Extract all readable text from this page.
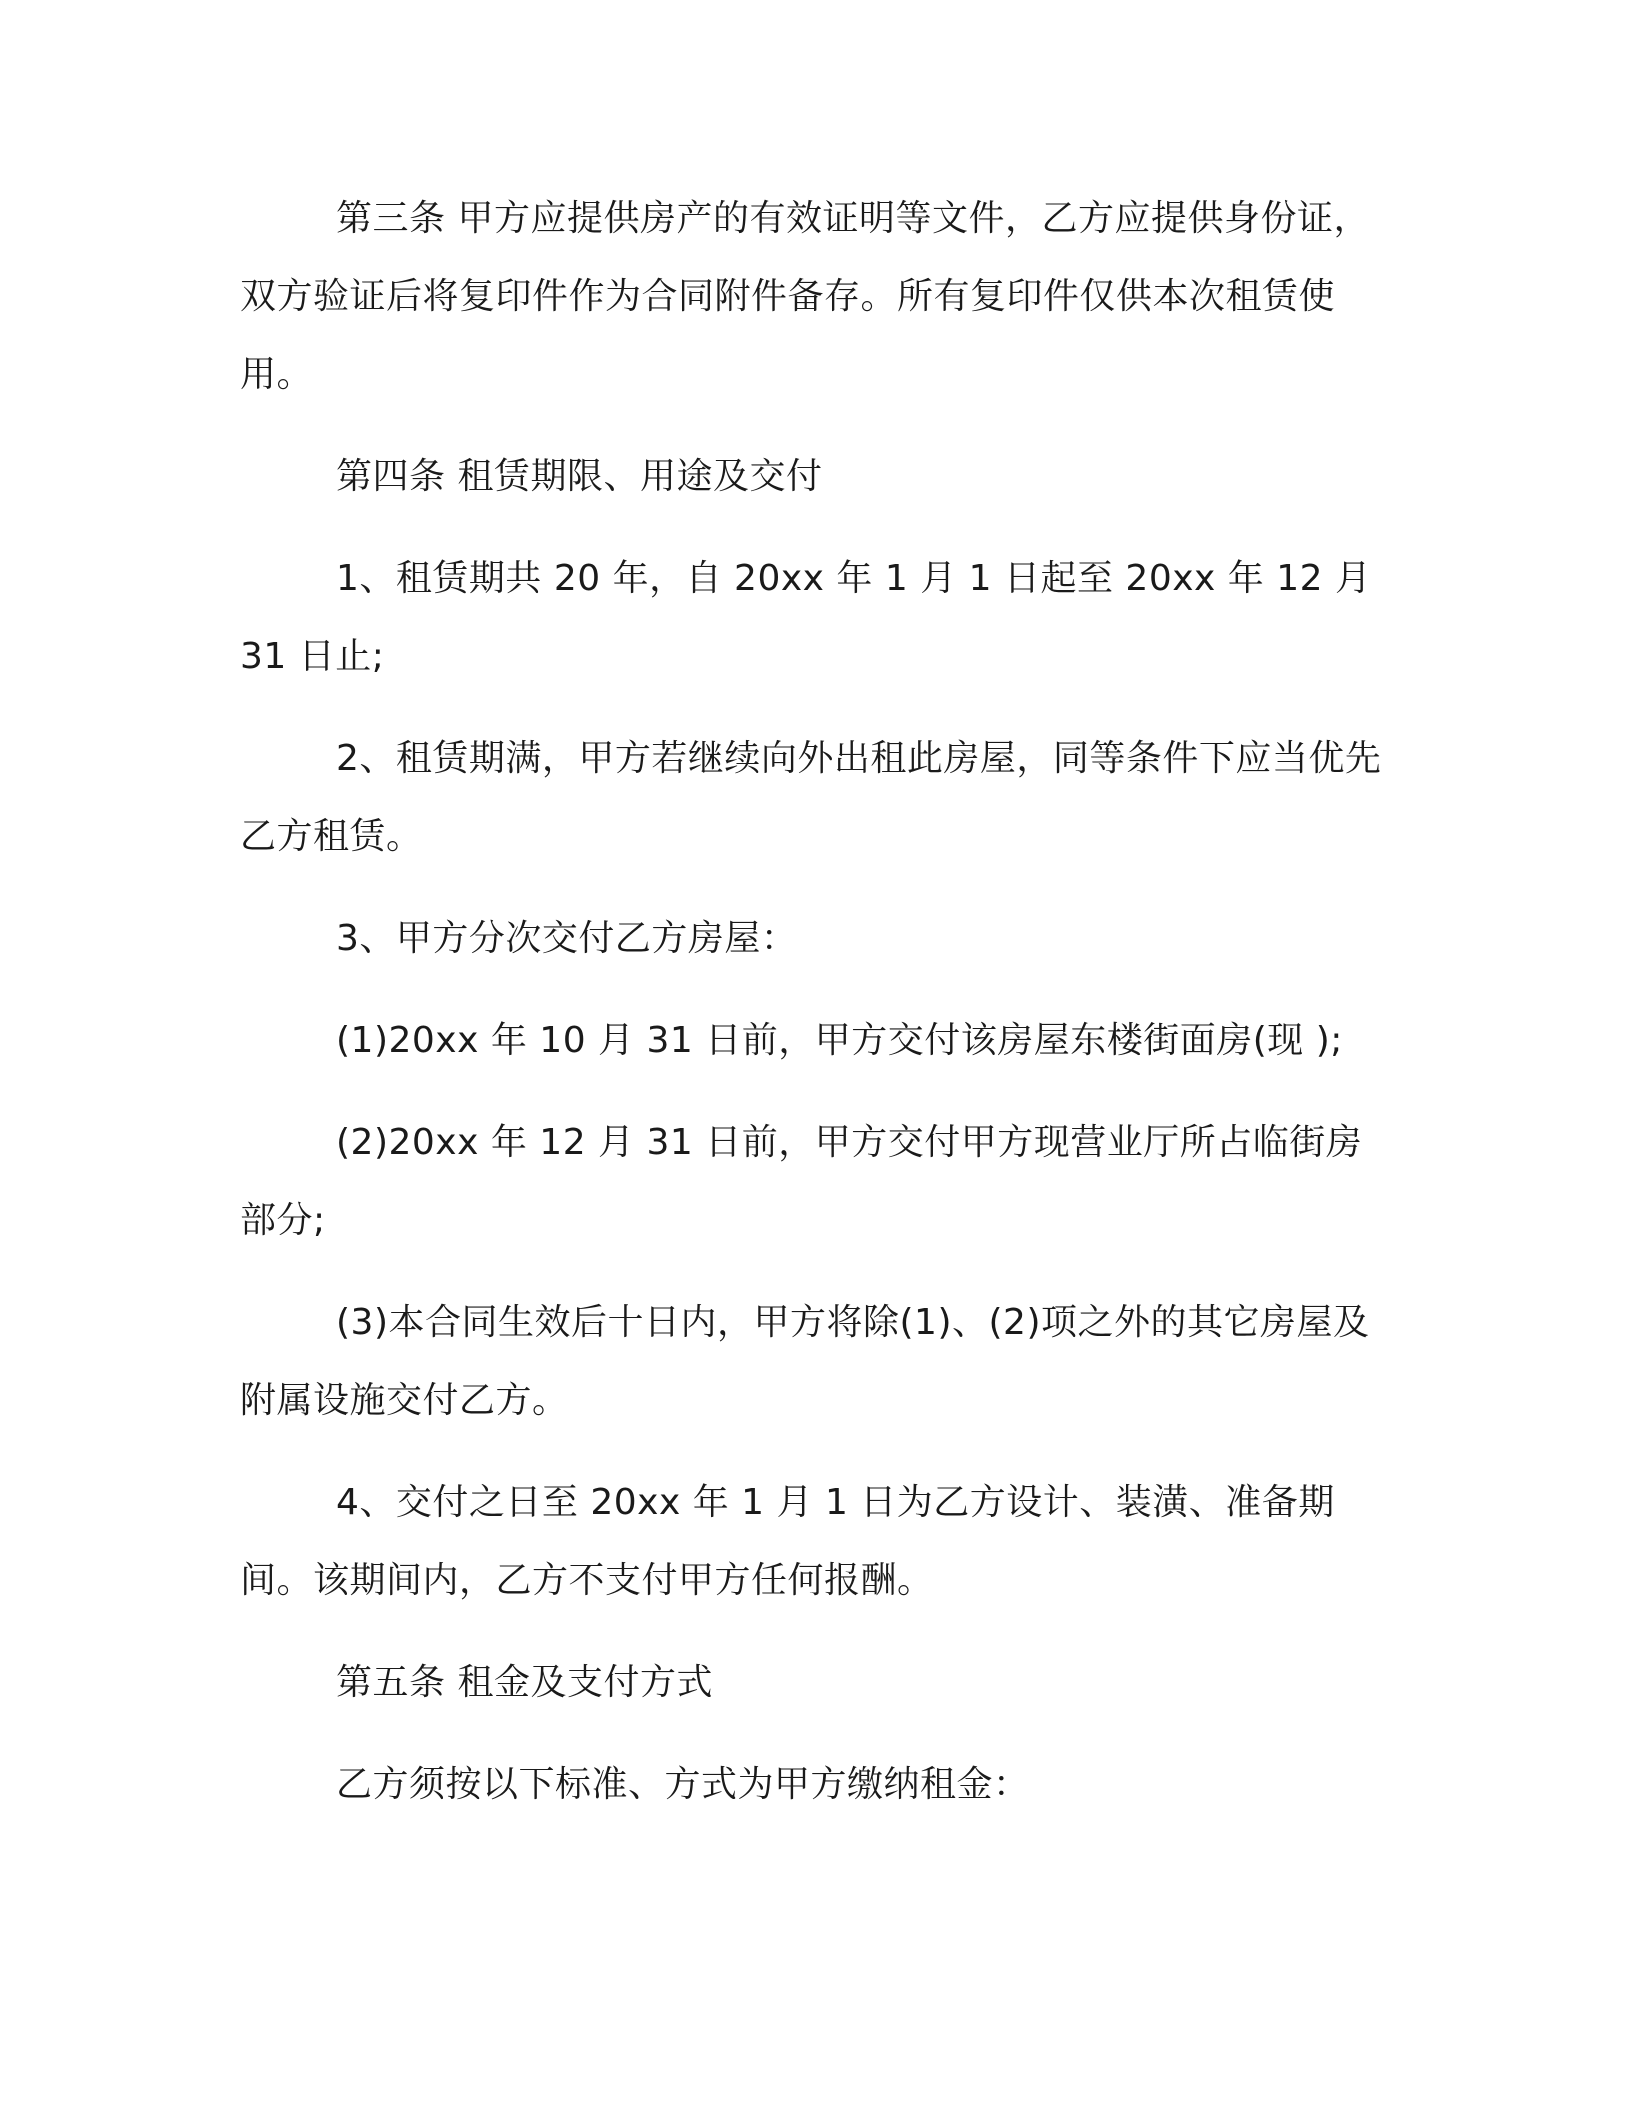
第三条 甲方应提供房产的有效证明等文件，乙方应提供身份证，双方验证后将复印件作为合同附件备存。所有复印件仅供本次租赁使用。

第四条 租赁期限、用途及交付

1、租赁期共 20 年，自 20xx 年 1 月 1 日起至 20xx 年 12 月 31 日止;

2、租赁期满，甲方若继续向外出租此房屋，同等条件下应当优先乙方租赁。

3、甲方分次交付乙方房屋：

(1)20xx 年 10 月 31 日前，甲方交付该房屋东楼街面房(现 );

(2)20xx 年 12 月 31 日前，甲方交付甲方现营业厅所占临街房部分;

(3)本合同生效后十日内，甲方将除(1)、(2)项之外的其它房屋及附属设施交付乙方。

4、交付之日至 20xx 年 1 月 1 日为乙方设计、装潢、准备期间。该期间内，乙方不支付甲方任何报酬。

第五条 租金及支付方式

乙方须按以下标准、方式为甲方缴纳租金：
